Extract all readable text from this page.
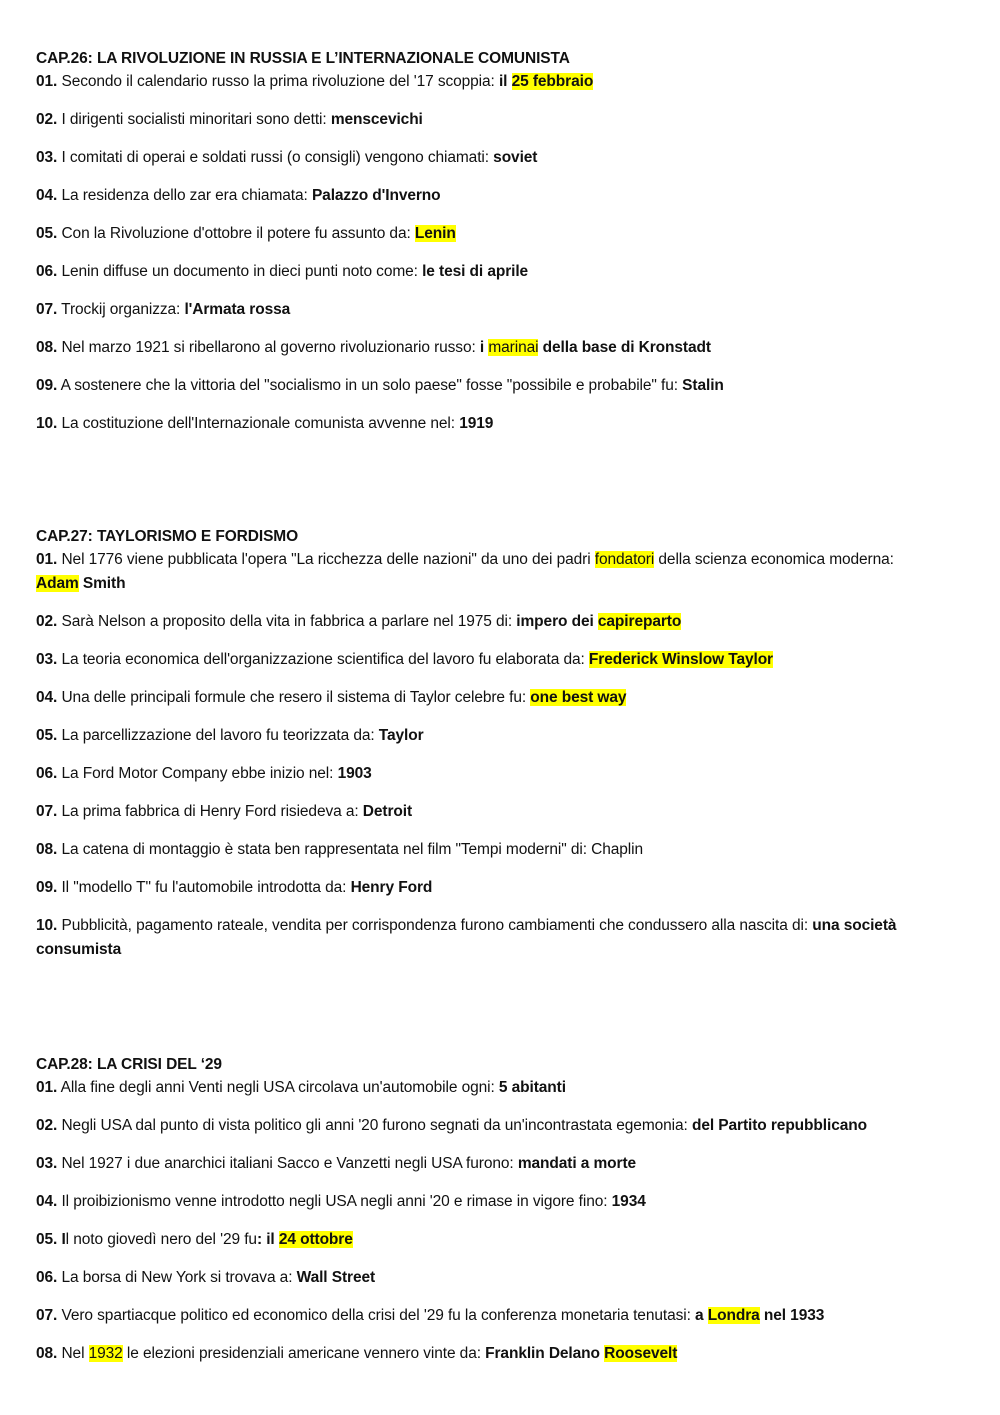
CAP.26: LA RIVOLUZIONE IN RUSSIA E L’INTERNAZIONALE COMUNISTA

01. Secondo il calendario russo la prima rivoluzione del '17 scoppia: il 25 febbraio

02. I dirigenti socialisti minoritari sono detti: menscevichi

03. I comitati di operai e soldati russi (o consigli) vengono chiamati: soviet

04. La residenza dello zar era chiamata: Palazzo d'Inverno

05. Con la Rivoluzione d'ottobre il potere fu assunto da: Lenin

06. Lenin diffuse un documento in dieci punti noto come: le tesi di aprile

07. Trockij organizza: l'Armata rossa

08. Nel marzo 1921 si ribellarono al governo rivoluzionario russo: i marinai della base di Kronstadt

09. A sostenere che la vittoria del "socialismo in un solo paese" fosse "possibile e probabile" fu: Stalin

10. La costituzione dell'Internazionale comunista avvenne nel: 1919

CAP.27: TAYLORISMO E FORDISMO

01. Nel 1776 viene pubblicata l'opera "La ricchezza delle nazioni" da uno dei padri fondatori della scienza economica moderna: Adam Smith

02. Sarà Nelson a proposito della vita in fabbrica a parlare nel 1975 di: impero dei capireparto

03. La teoria economica dell'organizzazione scientifica del lavoro fu elaborata da: Frederick Winslow Taylor

04. Una delle principali formule che resero il sistema di Taylor celebre fu: one best way

05. La parcellizzazione del lavoro fu teorizzata da: Taylor

06. La Ford Motor Company ebbe inizio nel: 1903

07. La prima fabbrica di Henry Ford risiedeva a: Detroit

08. La catena di montaggio è stata ben rappresentata nel film "Tempi moderni" di: Chaplin

09. Il "modello T" fu l'automobile introdotta da: Henry Ford

10. Pubblicità, pagamento rateale, vendita per corrispondenza furono cambiamenti che condussero alla nascita di: una società consumista

CAP.28: LA CRISI DEL ‘29

01. Alla fine degli anni Venti negli USA circolava un'automobile ogni: 5 abitanti

02. Negli USA dal punto di vista politico gli anni '20 furono segnati da un'incontrastata egemonia: del Partito repubblicano

03. Nel 1927 i due anarchici italiani Sacco e Vanzetti negli USA furono: mandati a morte

04. Il proibizionismo venne introdotto negli USA negli anni '20 e rimase in vigore fino: 1934

05. Il noto giovedì nero del '29 fu: il 24 ottobre

06. La borsa di New York si trovava a: Wall Street

07. Vero spartiacque politico ed economico della crisi del '29 fu la conferenza monetaria tenutasi: a Londra nel 1933

08. Nel 1932 le elezioni presidenziali americane vennero vinte da: Franklin Delano Roosevelt
